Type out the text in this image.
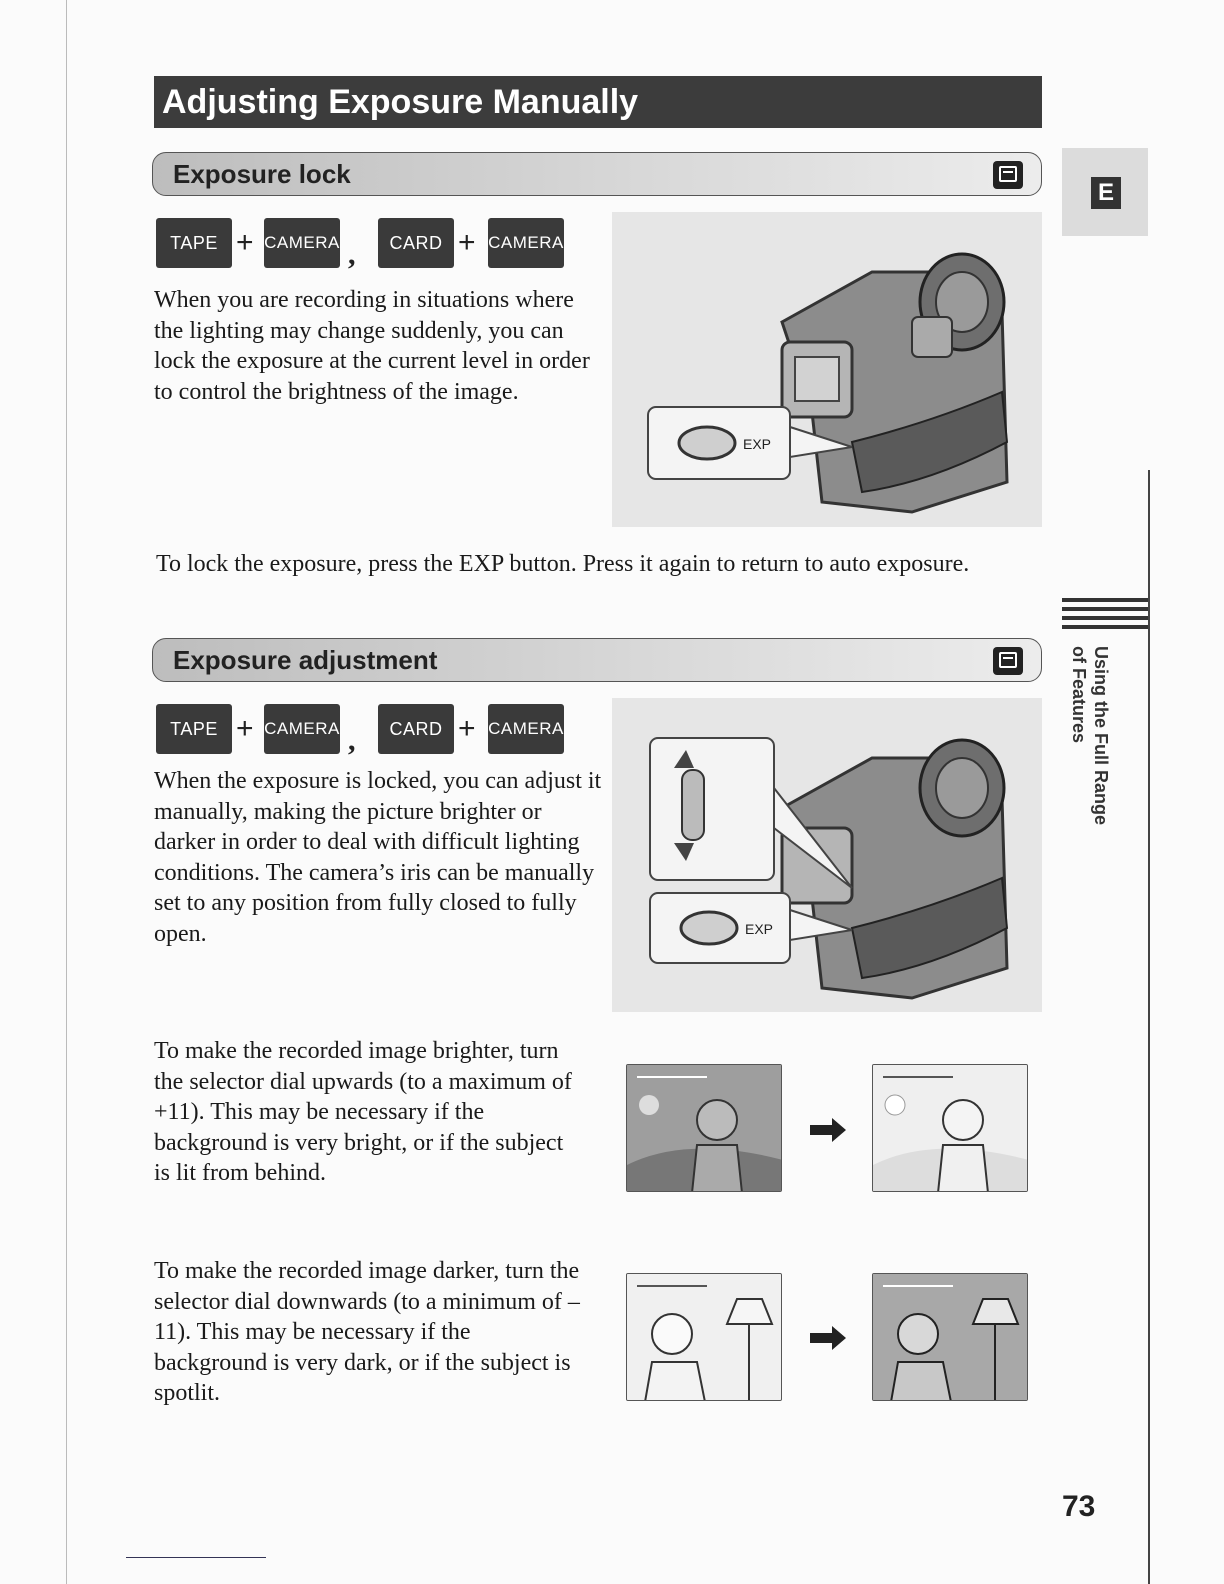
Adjusting Exposure Manually
Exposure lock
TAPE + CAMERA ,	CARD + CAMERA

When you are recording in situations where the lighting may change suddenly, you can lock the exposure at the current level in order to control the brightness of the image.

EXP

To lock the exposure, press the EXP button. Press it again to return to auto exposure.

Exposure adjustment
TAPE + CAMERA ,	CARD + CAMERA

When the exposure is locked, you can adjust it manually, making the picture brighter or darker in order to deal with difficult lighting conditions. The camera’s iris can be manually set to any position from fully closed to fully open.	EXP

To make the recorded image brighter, turn the selector dial upwards (to a maximum of +11). This may be necessary if the background is very bright, or if the subject is lit from behind.

To make the recorded image darker, turn the selector dial downwards (to a minimum of –11). This may be necessary if the background is very dark, or if the subject is spotlit.

E
Using the Full Range of Features
73
